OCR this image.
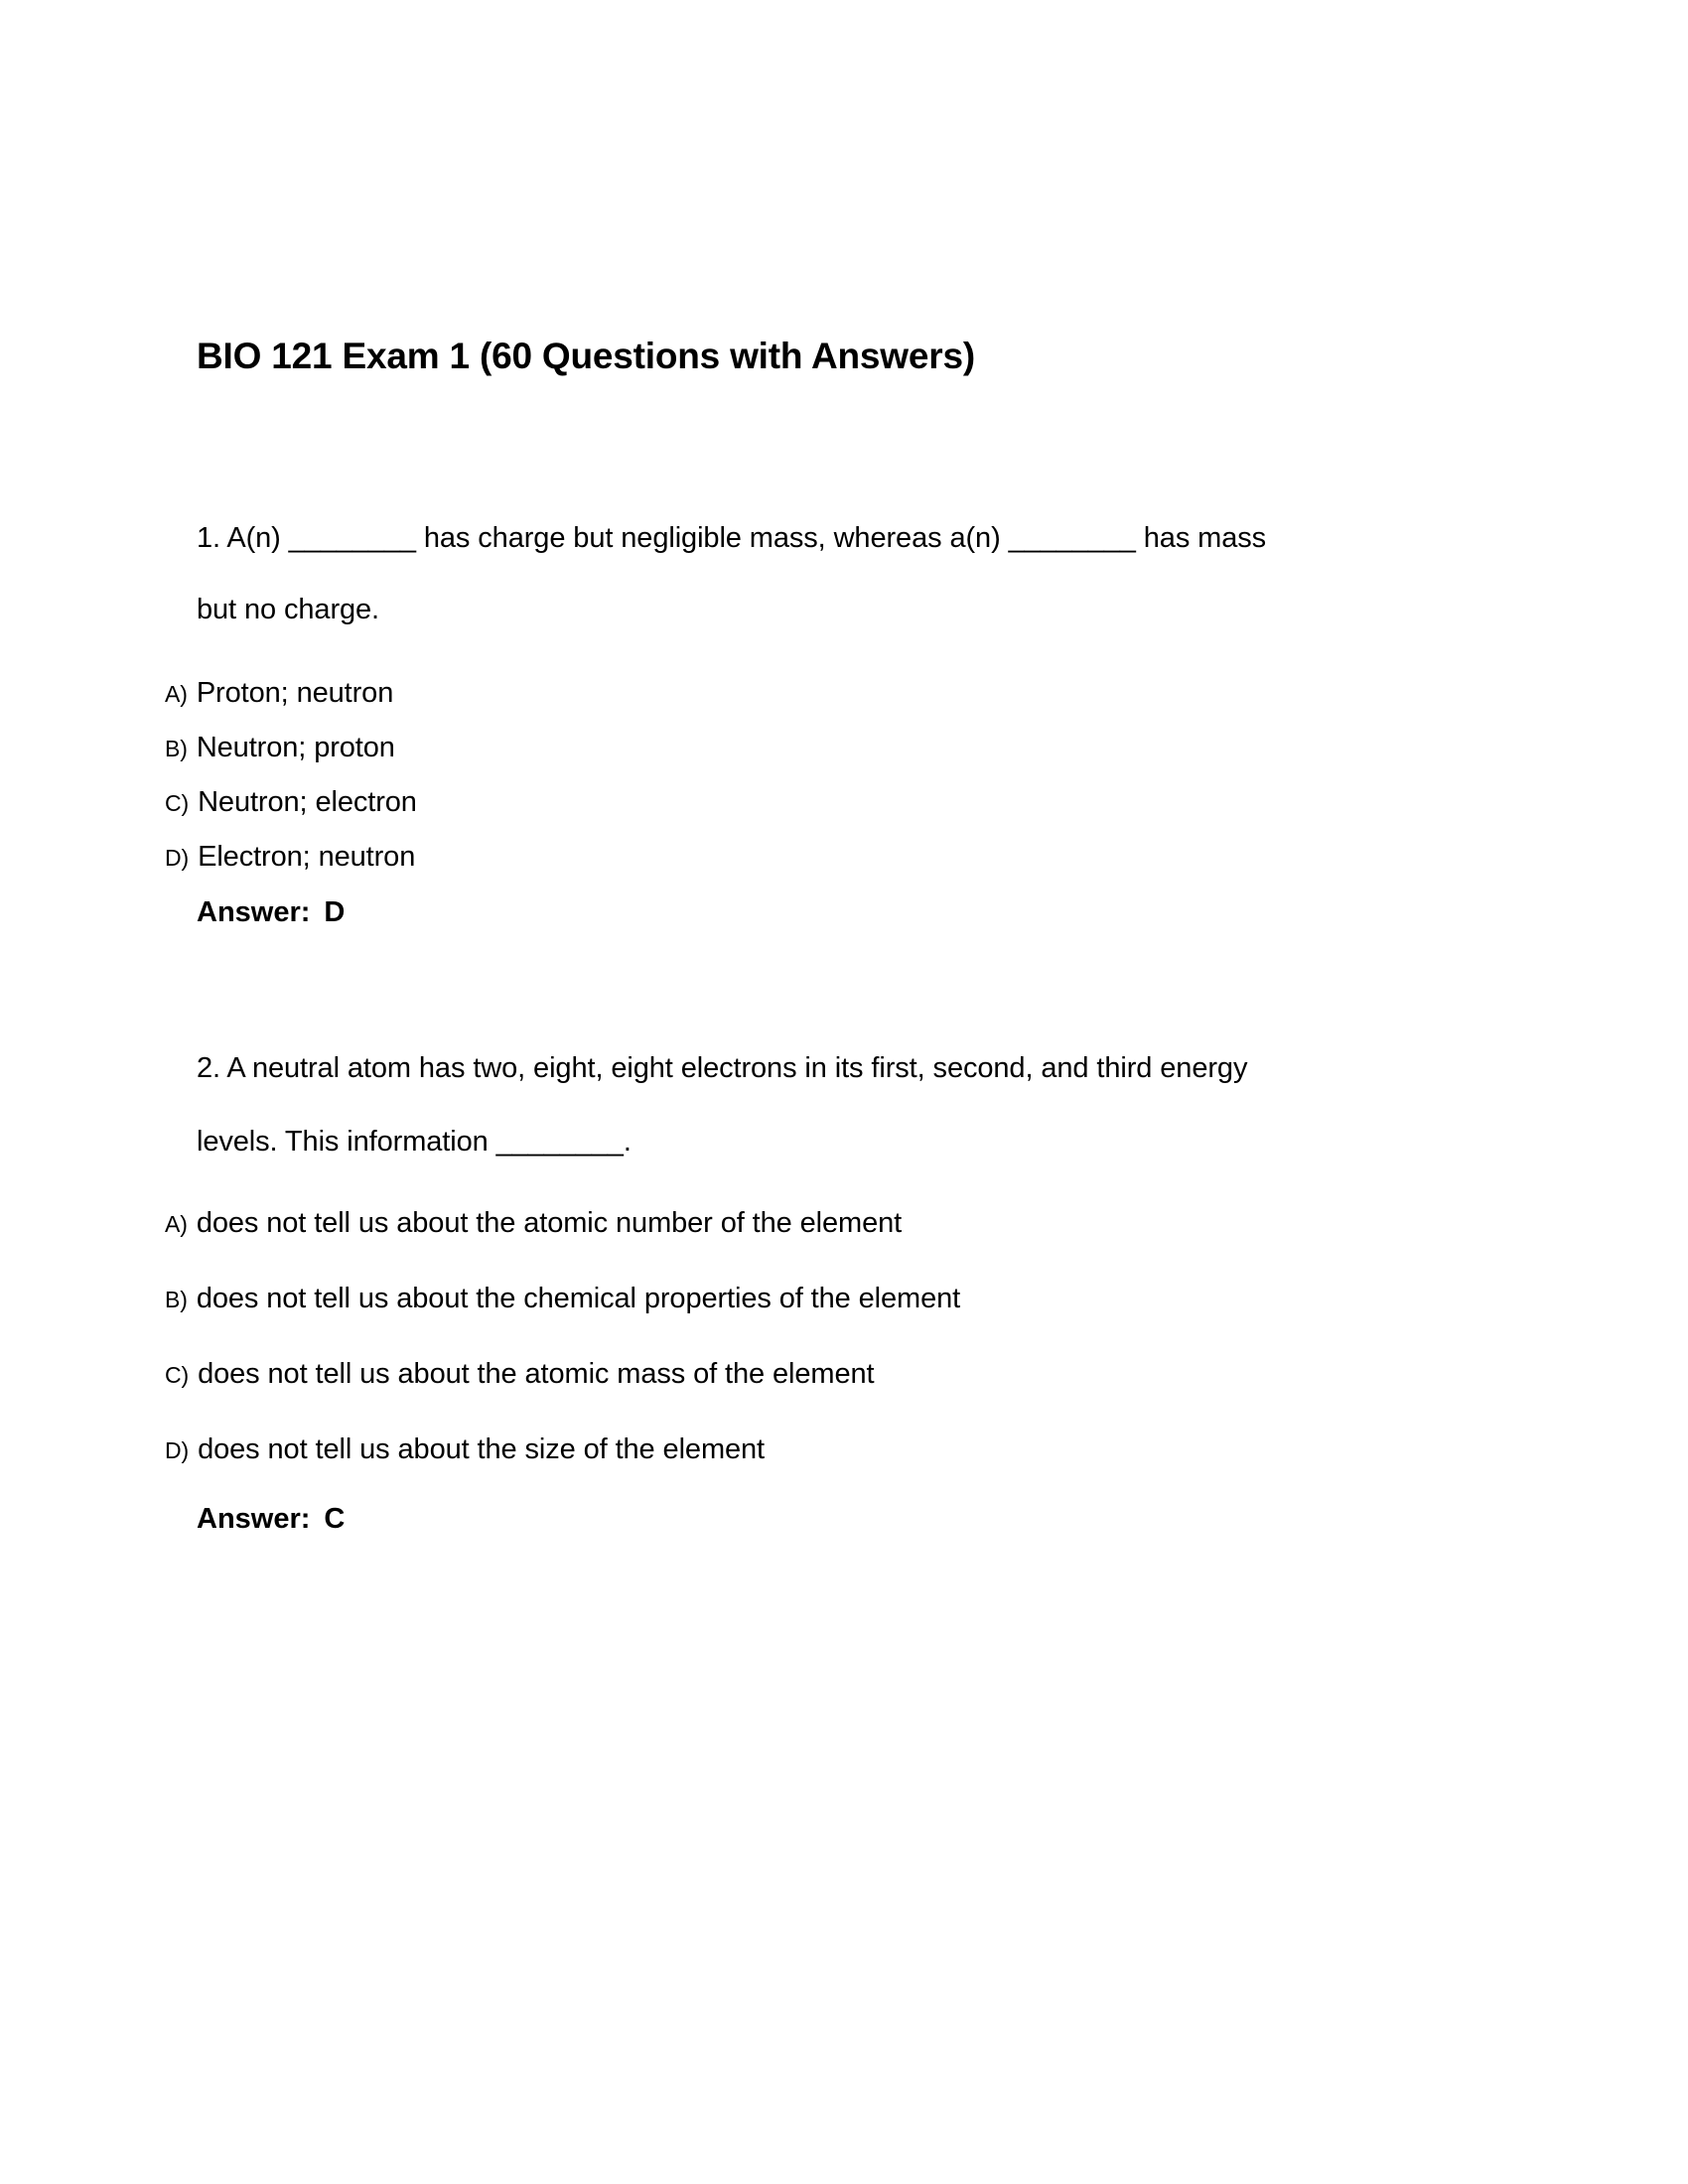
BIO 121 Exam 1 (60 Questions with Answers)
1. A(n) ________ has charge but negligible mass, whereas a(n) ________ has mass
but no charge.
A) Proton; neutron
B) Neutron; proton
C) Neutron; electron
D) Electron; neutron
Answer: D
2. A neutral atom has two, eight, eight electrons in its first, second, and third energy
levels. This information ________.
A) does not tell us about the atomic number of the element
B) does not tell us about the chemical properties of the element
C) does not tell us about the atomic mass of the element
D) does not tell us about the size of the element
Answer: C
